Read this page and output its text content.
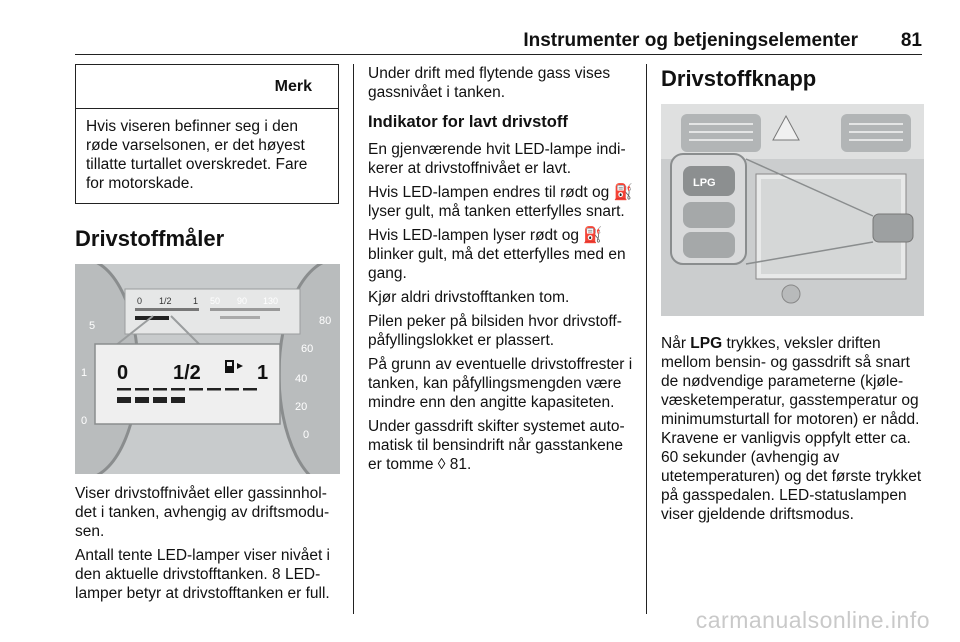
Instrumenter og betjeningselementer 81
Merk
Hvis viseren befinner seg i den røde varselsonen, er det høyest tillatte turtallet overskredet. Fare for motorskade.
Drivstoffmåler
5
1
0
80
60
40
20
0
0 1/2 1 50 90 130
0 1/2	1

Viser drivstoffnivået eller gassinnholdet i tanken, avhengig av driftsmodusen.

Antall tente LED-lamper viser nivået i den aktuelle drivstofftanken. 8 LED-lamper betyr at drivstofftanken er full.

Under drift med flytende gass vises gassnivået i tanken.

Indikator for lavt drivstoff

En gjenværende hvit LED-lampe indikerer at drivstoffnivået er lavt.

Hvis LED-lampen endres til rødt og ⛽ lyser gult, må tanken etterfylles snart.

Hvis LED-lampen lyser rødt og ⛽ blinker gult, må det etterfylles med en gang.

Kjør aldri drivstofftanken tom.

Pilen peker på bilsiden hvor drivstoffpåfyllingslokket er plassert.

På grunn av eventuelle drivstoffrester i tanken, kan påfyllingsmengden være mindre enn den angitte kapasiteten.

Under gassdrift skifter systemet automatisk til bensindrift når gasstankene er tomme ◊ 81.

Drivstoffknapp
LPG

Når LPG trykkes, veksler driften mellom bensin- og gassdrift så snart de nødvendige parameterne (kjølevæsketemperatur, gasstemperatur og minimumsturtall for motoren) er nådd. Kravene er vanligvis oppfylt etter ca. 60 sekunder (avhengig av utetemperaturen) og det første trykket på gasspedalen. LED-statuslampen viser gjeldende driftsmodus.

carmanualsonline.info
